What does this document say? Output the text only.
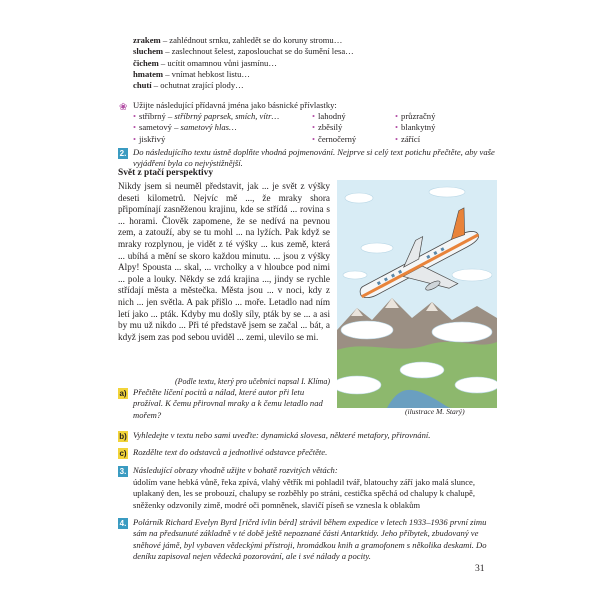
zrakem – zahlédnout srnku, zahledět se do koruny stromu…
sluchem – zaslechnout šelest, zaposlouchat se do šumění lesa…
čichem – ucítit omamnou vůni jasmínu…
hmatem – vnímat hebkost listu…
chutí – ochutnat zrající plody…
❀ Užijte následující přídavná jména jako básnické přívlastky:
• stříbrný – stříbrný paprsek, smích, vítr…
• sametový – sametový hlas…
• jiskřivý
• lahodný
• zběsilý
• černočerný
• průzračný
• blankytný
• zářící
2. Do následujícího textu ústně doplňte vhodná pojmenování. Nejprve si celý text potichu přečtěte, aby vaše vyjádření byla co nejvýstižnější.
Svět z ptačí perspektivy
Nikdy jsem si neuměl představit, jak ... je svět z výšky deseti kilometrů. Nejvíc mě ..., že mraky shora připomínají zasněženou krajinu, kde se střídá ... rovina s ... horami. Člověk zapomene, že se nedívá na pevnou zem, a zatouží, aby se tu mohl ... na lyžích. Pak když se mraky rozplynou, je vidět z té výšky ... kus země, která ... ubíhá a mění se skoro každou minutu. ... jsou z výšky Alpy! Spousta ... skal, ... vrcholky a v hloubce pod nimi ... pole a louky. Někdy se zdá krajina ..., jindy se rychle střídají města a městečka. Města jsou ... v noci, kdy z nich ... jen světla. A pak přišlo ... moře. Letadlo nad ním letí jako ... pták. Kdyby mu došly síly, pták by se ... a asi by mu už nikdo ... Při té představě jsem se začal ... bát, a když jsem zas pod sebou uviděl ... zemi, ulevilo se mi.
(Podle textu, který pro učebnici napsal I. Klíma)
(ilustrace M. Starý)
a) Přečtěte líčení pocitů a nálad, které autor při letu prožíval. K čemu přirovnal mraky a k čemu letadlo nad mořem?
b) Vyhledejte v textu nebo sami uveďte: dynamická slovesa, některé metafory, přirovnání.
c) Rozdělte text do odstavců a jednotlivé odstavce přečtěte.
3. Následující obrazy vhodně užijte v bohatě rozvitých větách:
údolím vane hebká vůně, řeka zpívá, vlahý větřík mi pohladil tvář, blatouchy září jako malá slunce, uplakaný den, les se probouzí, chalupy se rozběhly po stráni, cestička spěchá od chalupy k chalupě, sněženky odzvonily zimě, modré oči pomněnek, slavičí píseň se vznesla k oblakům
4. Polárník Richard Evelyn Byrd [ričrd ívlin bérd] strávil během expedice v letech 1933–1936 první zimu sám na předsunuté základně v té době ještě nepoznané části Antarktidy. Jeho příbytek, zbudovaný ve sněhové jámě, byl vybaven vědeckými přístroji, hromádkou knih a gramofonem s několika deskami. Do deníku zapisoval nejen vědecká pozorování, ale i své nálady a pocity.
31
